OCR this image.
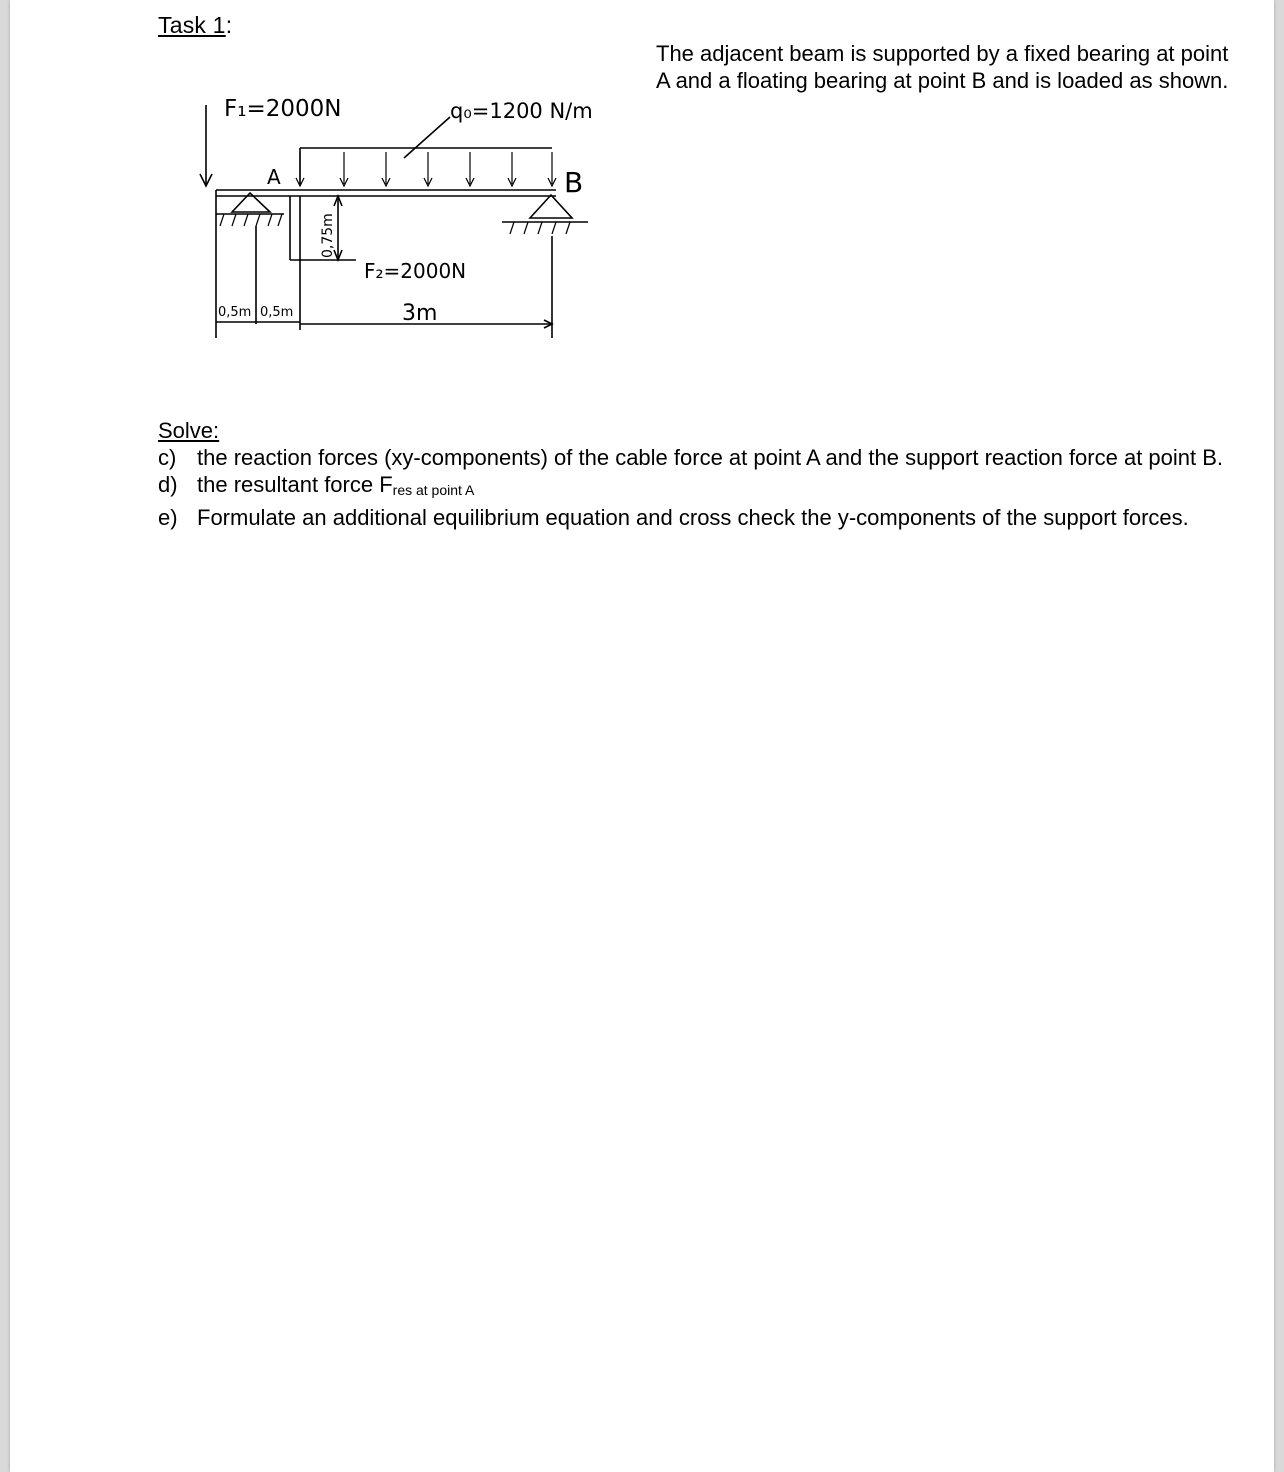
Task 1:
The adjacent beam is supported by a fixed bearing at point A and a floating bearing at point B and is loaded as shown.
F₁=2000N	q₀=1200 N/m
A	B
0,75m
F₂=2000N
0,5m 0,5m	3m
Solve:
c) the reaction forces (xy-components) of the cable force at point A and the support reaction force at point B.
d) the resultant force $F_{res at point A}$
e) Formulate an additional equilibrium equation and cross check the y-components of the support forces.
